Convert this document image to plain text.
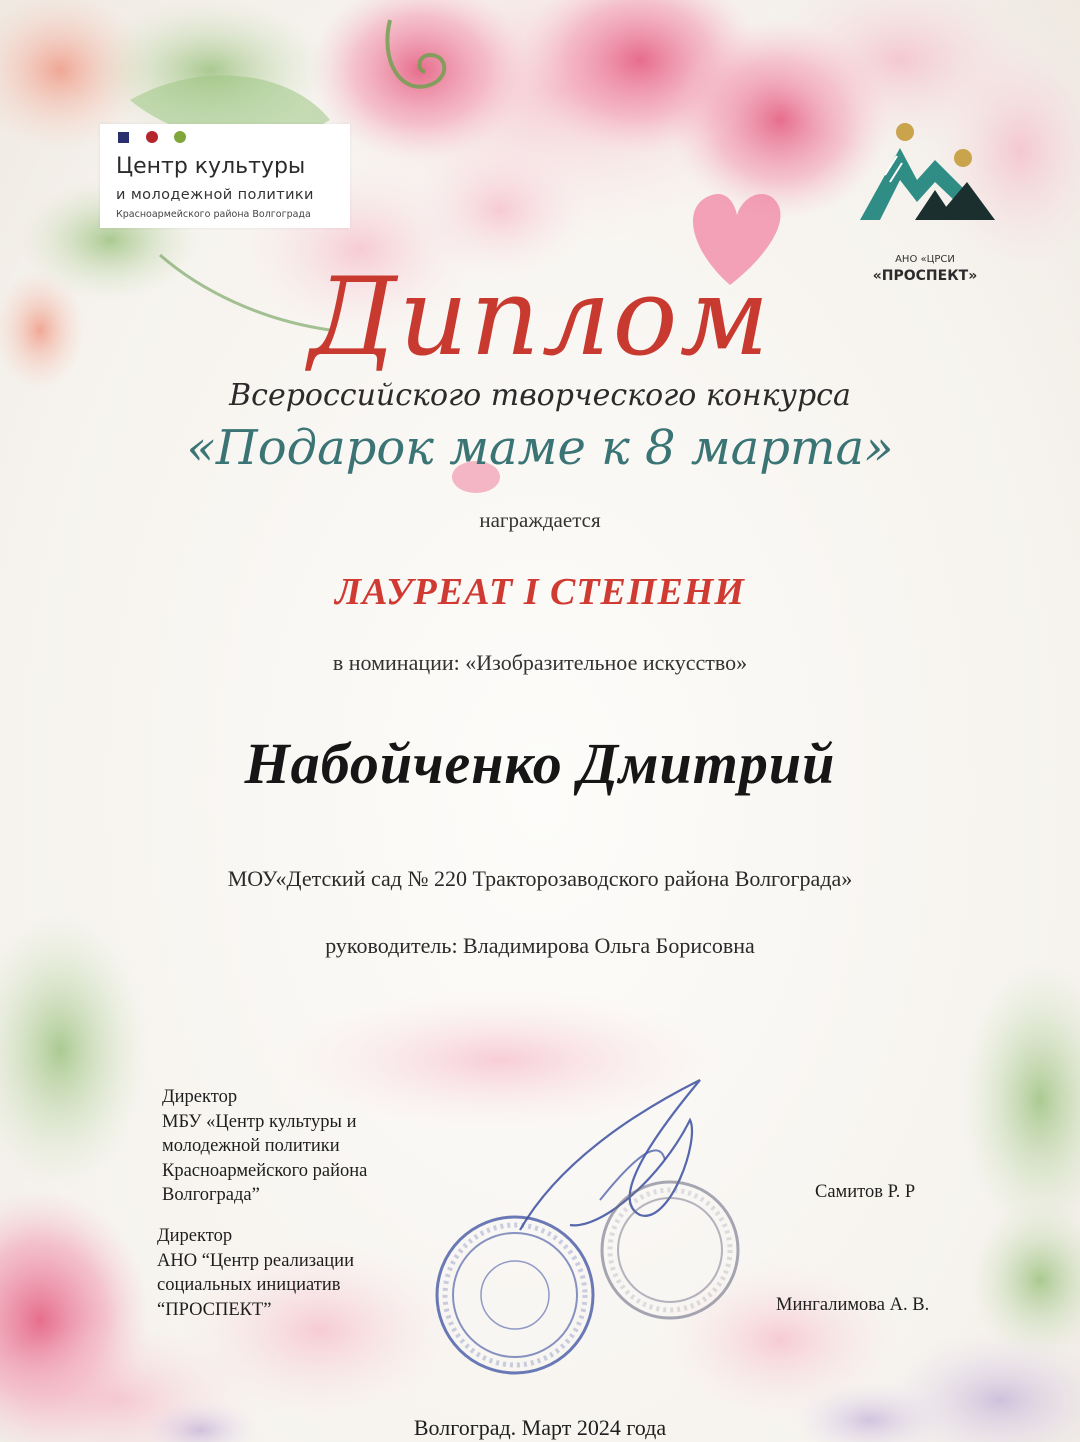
Центр культуры
и молодежной политики
Красноармейского района Волгограда
АНО «ЦРСИ
«ПРОСПЕКТ»
Диплом
Всероссийского творческого конкурса
«Подарок маме к 8 марта»
награждается
ЛАУРЕАТ I СТЕПЕНИ
в номинации: «Изобразительное искусство»
Набойченко Дмитрий
МОУ«Детский сад № 220 Тракторозаводского района Волгограда»
руководитель: Владимирова Ольга Борисовна
Директор
МБУ «Центр культуры и
молодежной политики
Красноармейского района
Волгограда”	Самитов Р. Р
Директор
АНО “Центр реализации
социальных инициатив
“ПРОСПЕКТ”	Мингалимова А. В.
Волгоград. Март 2024 года
